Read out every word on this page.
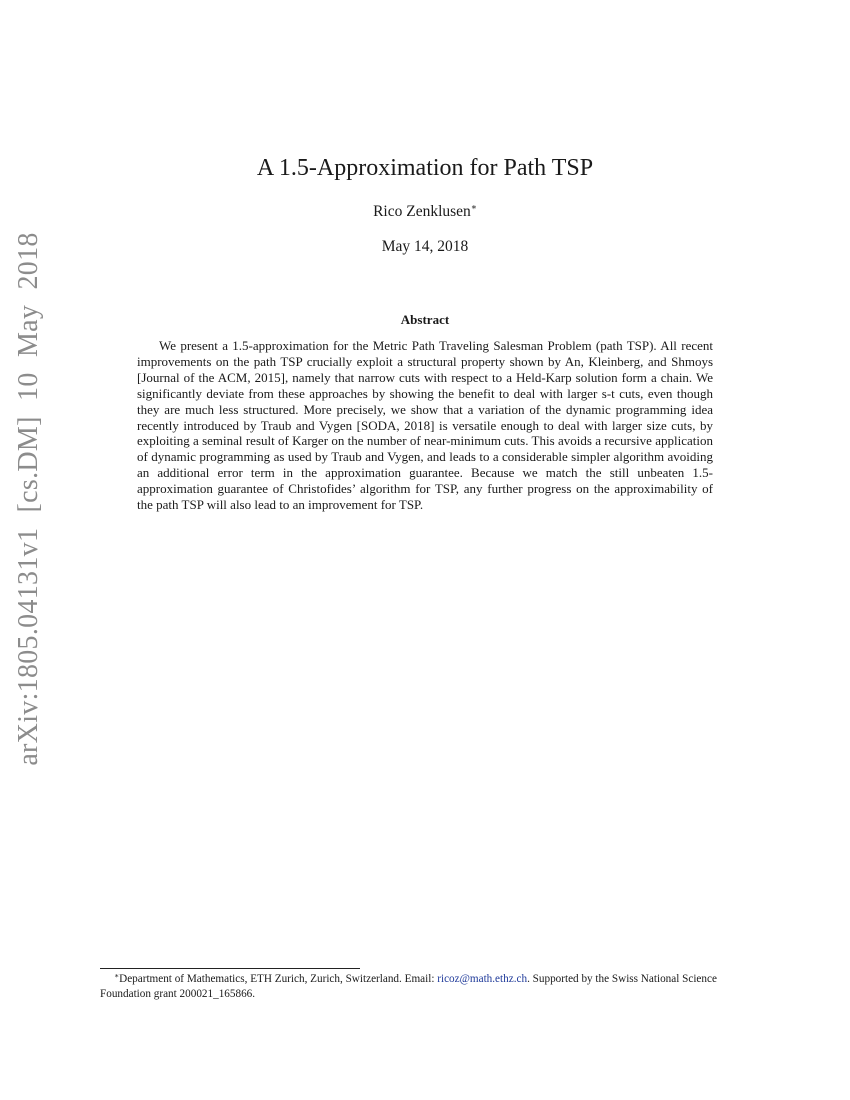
arXiv:1805.04131v1 [cs.DM] 10 May 2018
A 1.5-Approximation for Path TSP
Rico Zenklusen∗
May 14, 2018
Abstract

We present a 1.5-approximation for the Metric Path Traveling Salesman Problem (path TSP). All recent improvements on the path TSP crucially exploit a structural property shown by An, Kleinberg, and Shmoys [Journal of the ACM, 2015], namely that narrow cuts with respect to a Held-Karp solution form a chain. We significantly deviate from these approaches by showing the benefit to deal with larger s-t cuts, even though they are much less structured. More precisely, we show that a variation of the dynamic programming idea recently introduced by Traub and Vygen [SODA, 2018] is versatile enough to deal with larger size cuts, by exploiting a seminal result of Karger on the number of near-minimum cuts. This avoids a recursive application of dynamic programming as used by Traub and Vygen, and leads to a considerable simpler algorithm avoiding an additional error term in the approximation guarantee. Because we match the still unbeaten 1.5-approximation guarantee of Christofides’ algorithm for TSP, any further progress on the approximability of the path TSP will also lead to an improvement for TSP.

∗Department of Mathematics, ETH Zurich, Zurich, Switzerland. Email: ricoz@math.ethz.ch. Supported by the Swiss National Science Foundation grant 200021_165866.
